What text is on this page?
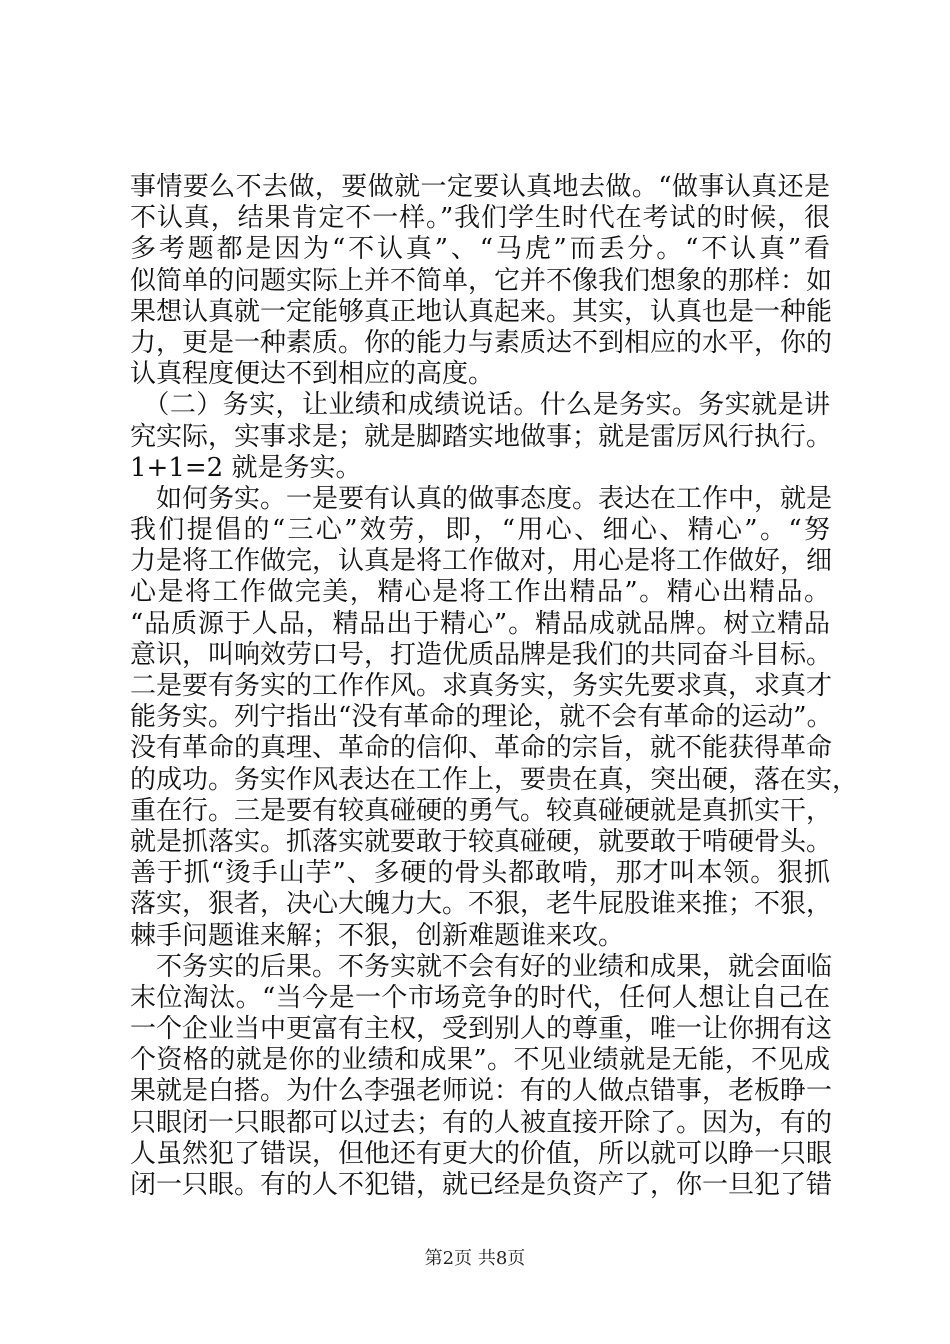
事情要么不去做，要做就一定要认真地去做。“做事认真还是
不认真，结果肯定不一样。”我们学生时代在考试的时候，很
多考题都是因为“不认真”、“马虎”而丢分。“不认真”看
似简单的问题实际上并不简单，它并不像我们想象的那样：如
果想认真就一定能够真正地认真起来。其实，认真也是一种能
力，更是一种素质。你的能力与素质达不到相应的水平，你的
认真程度便达不到相应的高度。
　（二）务实，让业绩和成绩说话。什么是务实。务实就是讲
究实际，实事求是；就是脚踏实地做事；就是雷厉风行执行。
1+1=2 就是务实。
　如何务实。一是要有认真的做事态度。表达在工作中，就是
我们提倡的“三心”效劳，即，“用心、细心、精心”。“努
力是将工作做完，认真是将工作做对，用心是将工作做好，细
心是将工作做完美，精心是将工作出精品”。精心出精品。
“品质源于人品，精品出于精心”。精品成就品牌。树立精品
意识，叫响效劳口号，打造优质品牌是我们的共同奋斗目标。
二是要有务实的工作作风。求真务实，务实先要求真，求真才
能务实。列宁指出“没有革命的理论，就不会有革命的运动”。
没有革命的真理、革命的信仰、革命的宗旨，就不能获得革命
的成功。务实作风表达在工作上，要贵在真，突出硬，落在实，
重在行。三是要有较真碰硬的勇气。较真碰硬就是真抓实干，
就是抓落实。抓落实就要敢于较真碰硬，就要敢于啃硬骨头。
善于抓“烫手山芋”、多硬的骨头都敢啃，那才叫本领。狠抓
落实，狠者，决心大魄力大。不狠，老牛屁股谁来推；不狠，
棘手问题谁来解；不狠，创新难题谁来攻。
　不务实的后果。不务实就不会有好的业绩和成果，就会面临
末位淘汰。“当今是一个市场竞争的时代，任何人想让自己在
一个企业当中更富有主权，受到别人的尊重，唯一让你拥有这
个资格的就是你的业绩和成果”。不见业绩就是无能，不见成
果就是白搭。为什么李强老师说：有的人做点错事，老板睁一
只眼闭一只眼都可以过去；有的人被直接开除了。因为，有的
人虽然犯了错误，但他还有更大的价值，所以就可以睁一只眼
闭一只眼。有的人不犯错，就已经是负资产了，你一旦犯了错
第2页 共8页
